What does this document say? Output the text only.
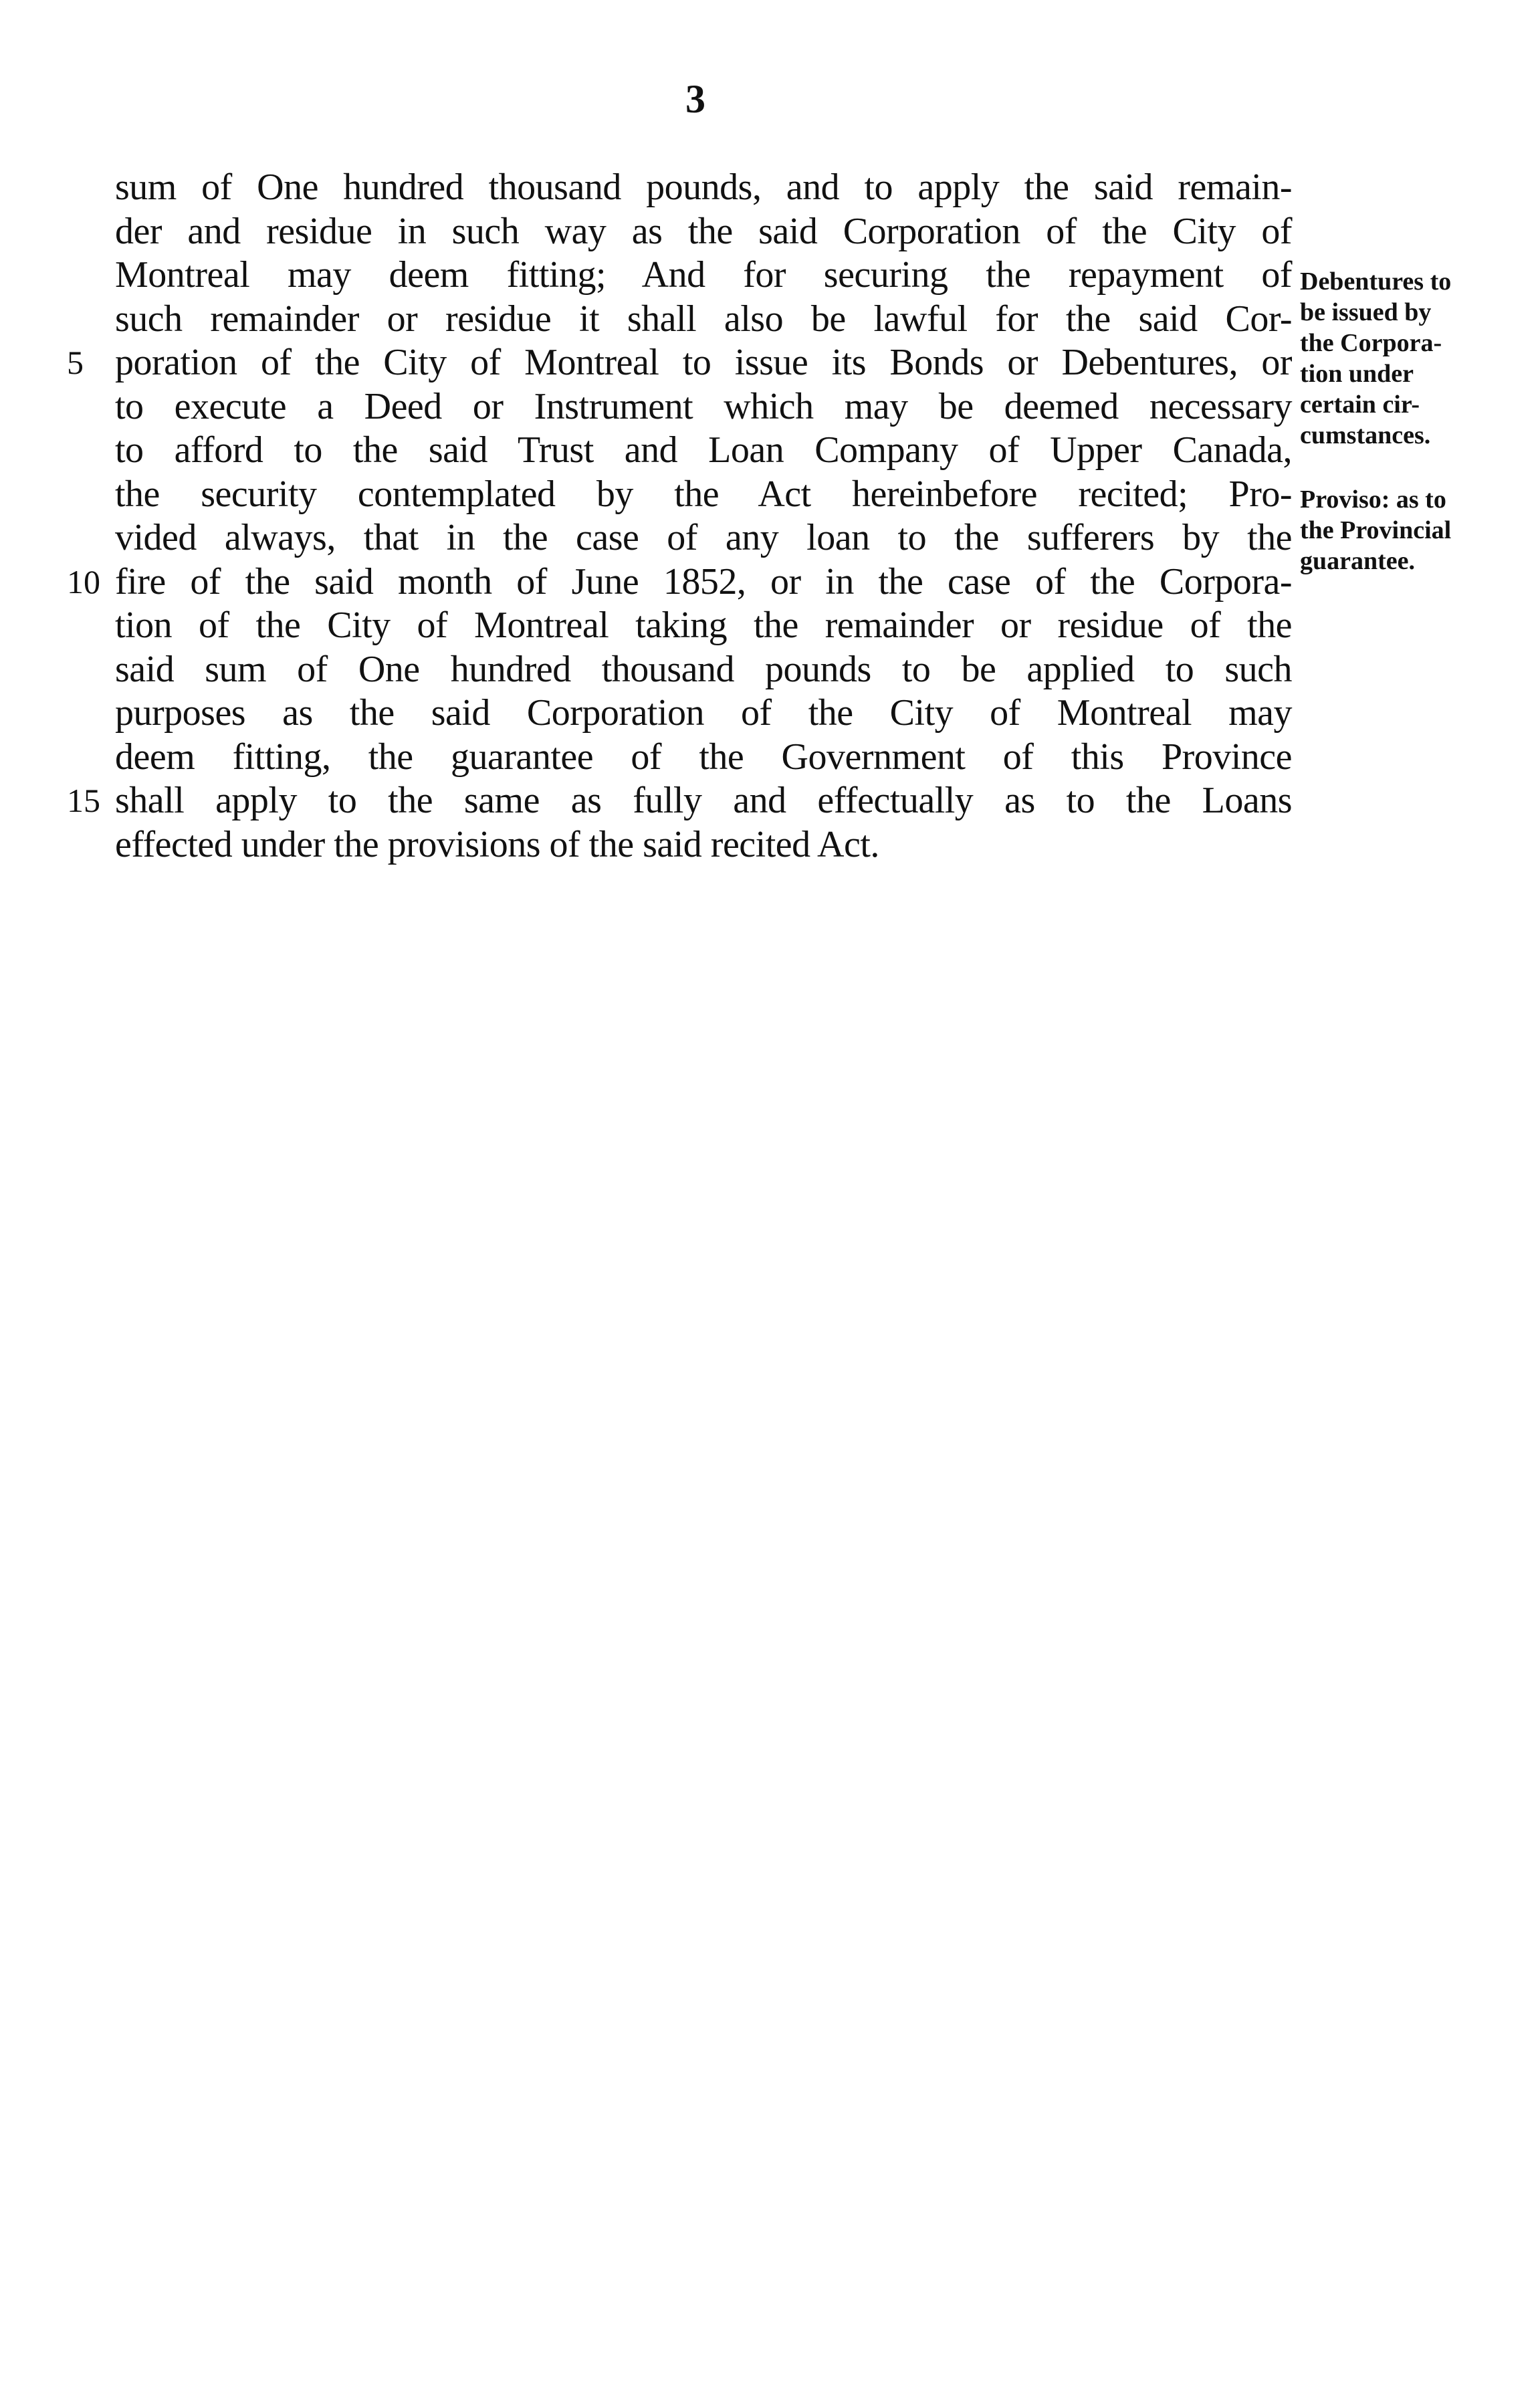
3
sum of One hundred thousand pounds, and to apply the said remain-
der and residue in such way as the said Corporation of the City of
Montreal may deem fitting; And for securing the repayment of
such remainder or residue it shall also be lawful for the said Cor-
poration of the City of Montreal to issue its Bonds or Debentures, or
to execute a Deed or Instrument which may be deemed necessary
to afford to the said Trust and Loan Company of Upper Canada,
the security contemplated by the Act hereinbefore recited; Pro-
vided always, that in the case of any loan to the sufferers by the
fire of the said month of June 1852, or in the case of the Corpora-
tion of the City of Montreal taking the remainder or residue of the
said sum of One hundred thousand pounds to be applied to such
purposes as the said Corporation of the City of Montreal may
deem fitting, the guarantee of the Government of this Province
shall apply to the same as fully and effectually as to the Loans
effected under the provisions of the said recited Act.
5
10
15
Debentures to
be issued by
the Corpora-
tion under
certain cir-
cumstances.
Proviso: as to
the Provincial
guarantee.
